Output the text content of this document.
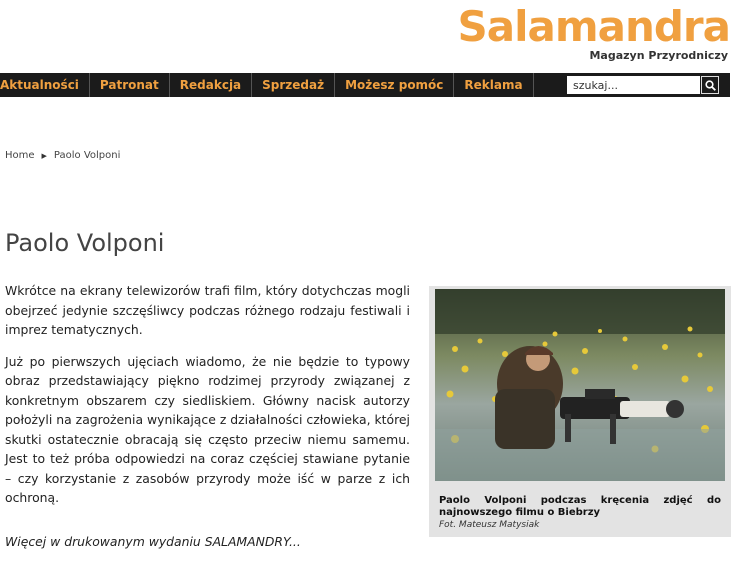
Salamandra
Magazyn Przyrodniczy
Aktualności	Patronat	Redakcja	Sprzedaż	Możesz pomóc	Reklama
szukaj...
Home ▶ Paolo Volponi
Paolo Volponi

Wkrótce na ekrany telewizorów trafi film, który dotychczas mogli obejrzeć jedynie szczęśliwcy podczas różnego rodzaju festiwali i imprez tematycznych.

Już po pierwszych ujęciach wiadomo, że nie będzie to typowy obraz przedstawiający piękno rodzimej przyrody związanej z konkretnym obszarem czy siedliskiem. Główny nacisk autorzy położyli na zagrożenia wynikające z działalności człowieka, której skutki ostatecznie obracają się często przeciw niemu samemu. Jest to też próba odpowiedzi na coraz częściej stawiane pytanie – czy korzystanie z zasobów przyrody może iść w parze z ich ochroną.

Więcej w drukowanym wydaniu SALAMANDRY...

Paolo Volponi podczas kręcenia zdjęć do najnowszego filmu o Biebrzy
Fot. Mateusz Matysiak
